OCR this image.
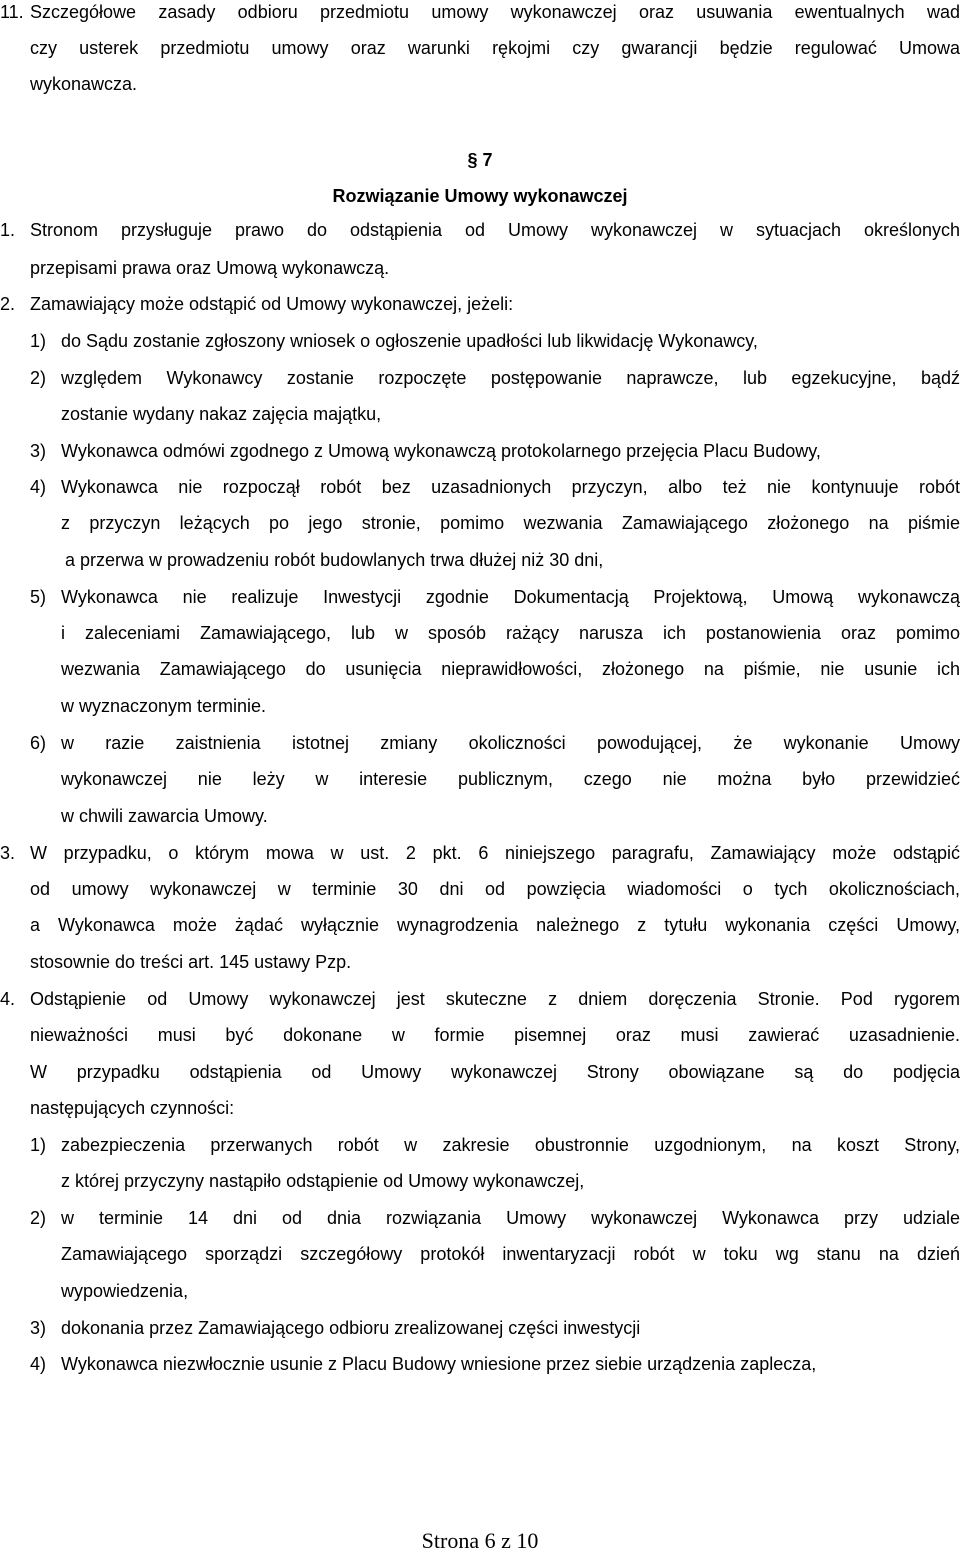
11. Szczegółowe zasady odbioru przedmiotu umowy wykonawczej oraz usuwania ewentualnych wad
czy usterek przedmiotu umowy oraz warunki rękojmi czy gwarancji będzie regulować Umowa
wykonawcza.
§ 7
Rozwiązanie Umowy wykonawczej
1. Stronom przysługuje prawo do odstąpienia od Umowy wykonawczej w sytuacjach określonych
przepisami prawa oraz Umową wykonawczą.
2. Zamawiający może odstąpić od Umowy wykonawczej, jeżeli:
1) do Sądu zostanie zgłoszony wniosek o ogłoszenie upadłości lub likwidację Wykonawcy,
2) względem Wykonawcy zostanie rozpoczęte postępowanie naprawcze, lub egzekucyjne, bądź
zostanie wydany nakaz zajęcia majątku,
3) Wykonawca odmówi zgodnego z Umową wykonawczą protokolarnego przejęcia Placu Budowy,
4) Wykonawca nie rozpoczął robót bez uzasadnionych przyczyn, albo też nie kontynuuje robót
z przyczyn leżących po jego stronie, pomimo wezwania Zamawiającego złożonego na piśmie
a przerwa w prowadzeniu robót budowlanych trwa dłużej niż 30 dni,
5) Wykonawca nie realizuje Inwestycji zgodnie Dokumentacją Projektową, Umową wykonawczą
i zaleceniami Zamawiającego, lub w sposób rażący narusza ich postanowienia oraz pomimo
wezwania Zamawiającego do usunięcia nieprawidłowości, złożonego na piśmie, nie usunie ich
w wyznaczonym terminie.
6) w razie zaistnienia istotnej zmiany okoliczności powodującej, że wykonanie Umowy
wykonawczej nie leży w interesie publicznym, czego nie można było przewidzieć
w chwili zawarcia Umowy.
3. W przypadku, o którym mowa w ust. 2 pkt. 6 niniejszego paragrafu, Zamawiający może odstąpić
od umowy wykonawczej w terminie 30 dni od powzięcia wiadomości o tych okolicznościach,
a Wykonawca może żądać wyłącznie wynagrodzenia należnego z tytułu wykonania części Umowy,
stosownie do treści art. 145 ustawy Pzp.
4. Odstąpienie od Umowy wykonawczej jest skuteczne z dniem doręczenia Stronie. Pod rygorem
nieważności musi być dokonane w formie pisemnej oraz musi zawierać uzasadnienie.
W przypadku odstąpienia od Umowy wykonawczej Strony obowiązane są do podjęcia
następujących czynności:
1) zabezpieczenia przerwanych robót w zakresie obustronnie uzgodnionym, na koszt Strony,
z której przyczyny nastąpiło odstąpienie od Umowy wykonawczej,
2) w terminie 14 dni od dnia rozwiązania Umowy wykonawczej Wykonawca przy udziale
Zamawiającego sporządzi szczegółowy protokół inwentaryzacji robót w toku wg stanu na dzień
wypowiedzenia,
3) dokonania przez Zamawiającego odbioru zrealizowanej części inwestycji
4) Wykonawca niezwłocznie usunie z Placu Budowy wniesione przez siebie urządzenia zaplecza,
Strona 6 z 10
